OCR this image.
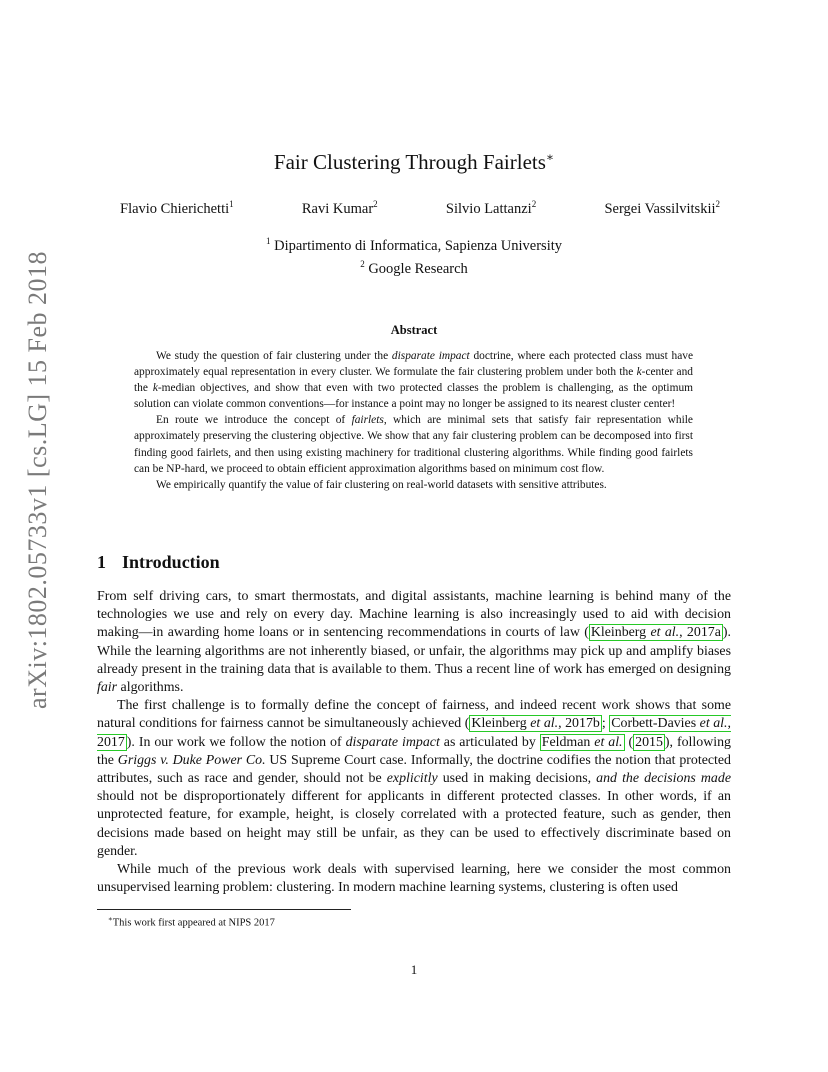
arXiv:1802.05733v1 [cs.LG] 15 Feb 2018
Fair Clustering Through Fairlets∗
Flavio Chierichetti$^1$	Ravi Kumar$^2$	Silvio Lattanzi$^2$	Sergei Vassilvitskii$^2$
$^1$ Dipartimento di Informatica, Sapienza University
$^2$ Google Research
Abstract

We study the question of fair clustering under the disparate impact doctrine, where each protected class must have approximately equal representation in every cluster. We formulate the fair clustering problem under both the k-center and the k-median objectives, and show that even with two protected classes the problem is challenging, as the optimum solution can violate common conventions—for instance a point may no longer be assigned to its nearest cluster center!

En route we introduce the concept of fairlets, which are minimal sets that satisfy fair representation while approximately preserving the clustering objective. We show that any fair clustering problem can be decomposed into first finding good fairlets, and then using existing machinery for traditional clustering algorithms. While finding good fairlets can be NP-hard, we proceed to obtain efficient approximation algorithms based on minimum cost flow.

We empirically quantify the value of fair clustering on real-world datasets with sensitive attributes.

1 Introduction

From self driving cars, to smart thermostats, and digital assistants, machine learning is behind many of the technologies we use and rely on every day. Machine learning is also increasingly used to aid with decision making—in awarding home loans or in sentencing recommendations in courts of law ( Kleinberg et al., 2017a ). While the learning algorithms are not inherently biased, or unfair, the algorithms may pick up and amplify biases already present in the training data that is available to them. Thus a recent line of work has emerged on designing fair algorithms.

The first challenge is to formally define the concept of fairness, and indeed recent work shows that some natural conditions for fairness cannot be simultaneously achieved ( Kleinberg et al., 2017b ; Corbett-Davies et al., 2017 ). In our work we follow the notion of disparate impact as articulated by Feldman et al. ( 2015 ), following the Griggs v. Duke Power Co. US Supreme Court case. Informally, the doctrine codifies the notion that protected attributes, such as race and gender, should not be explicitly used in making decisions, and the decisions made should not be disproportionately different for applicants in different protected classes. In other words, if an unprotected feature, for example, height, is closely correlated with a protected feature, such as gender, then decisions made based on height may still be unfair, as they can be used to effectively discriminate based on gender.

While much of the previous work deals with supervised learning, here we consider the most common unsupervised learning problem: clustering. In modern machine learning systems, clustering is often used

∗This work first appeared at NIPS 2017
1
